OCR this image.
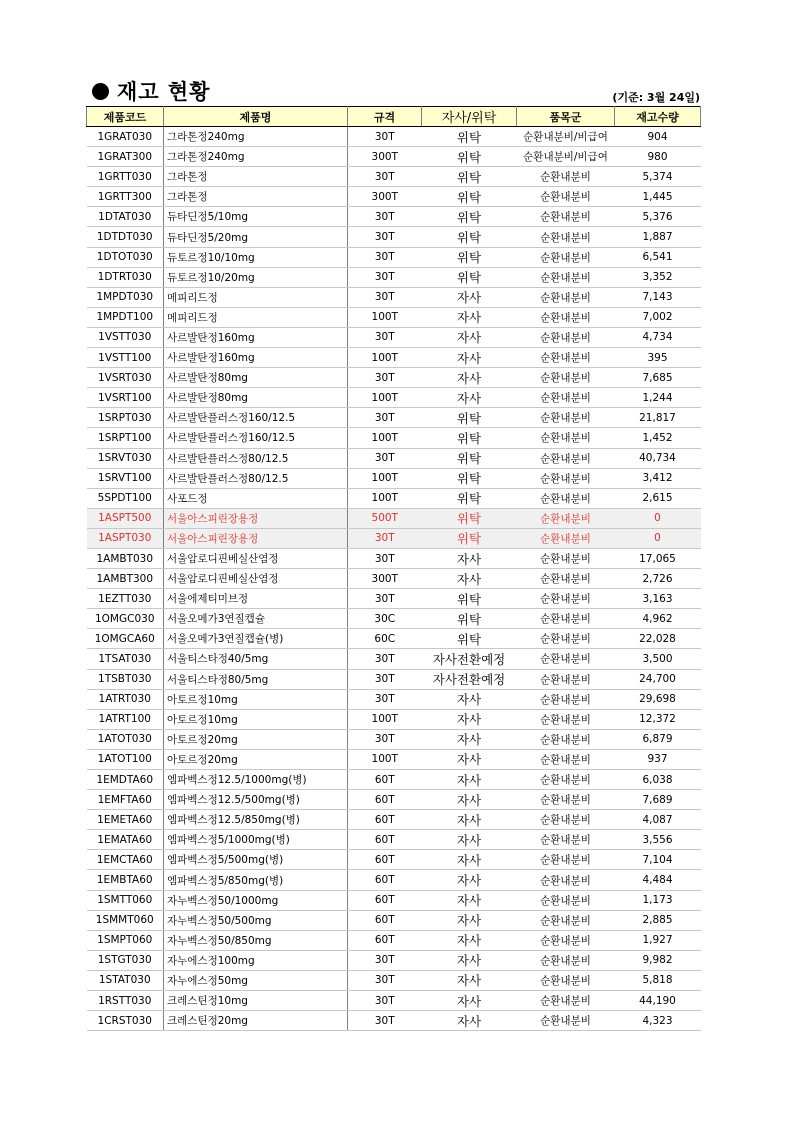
재고 현황	(기준: 3월 24일)
제품코드	제품명	규격	자사/위탁	품목군	재고수량
1GRAT030	그라톤정240mg	30T	위탁	순환내분비/비급여	904
1GRAT300	그라톤정240mg	300T	위탁	순환내분비/비급여	980
1GRTT030	그라톤정	30T	위탁	순환내분비	5,374
1GRTT300	그라톤정	300T	위탁	순환내분비	1,445
1DTAT030	듀타딘정5/10mg	30T	위탁	순환내분비	5,376
1DTDT030	듀타딘정5/20mg	30T	위탁	순환내분비	1,887
1DTOT030	듀토르정10/10mg	30T	위탁	순환내분비	6,541
1DTRT030	듀토르정10/20mg	30T	위탁	순환내분비	3,352
1MPDT030	메피리드정	30T	자사	순환내분비	7,143
1MPDT100	메피리드정	100T	자사	순환내분비	7,002
1VSTT030	사르발탄정160mg	30T	자사	순환내분비	4,734
1VSTT100	사르발탄정160mg	100T	자사	순환내분비	395
1VSRT030	사르발탄정80mg	30T	자사	순환내분비	7,685
1VSRT100	사르발탄정80mg	100T	자사	순환내분비	1,244
1SRPT030	사르발탄플러스정160/12.5	30T	위탁	순환내분비	21,817
1SRPT100	사르발탄플러스정160/12.5	100T	위탁	순환내분비	1,452
1SRVT030	사르발탄플러스정80/12.5	30T	위탁	순환내분비	40,734
1SRVT100	사르발탄플러스정80/12.5	100T	위탁	순환내분비	3,412
5SPDT100	사포드정	100T	위탁	순환내분비	2,615
1ASPT500	서울아스피린장용정	500T	위탁	순환내분비	0
1ASPT030	서울아스피린장용정	30T	위탁	순환내분비	0
1AMBT030	서울암로디핀베실산염정	30T	자사	순환내분비	17,065
1AMBT300	서울암로디핀베실산염정	300T	자사	순환내분비	2,726
1EZTT030	서울에제티미브정	30T	위탁	순환내분비	3,163
1OMGC030	서울오메가3연질캡슐	30C	위탁	순환내분비	4,962
1OMGCA60	서울오메가3연질캡슐(병)	60C	위탁	순환내분비	22,028
1TSAT030	서울티스타정40/5mg	30T	자사전환예정	순환내분비	3,500
1TSBT030	서울티스타정80/5mg	30T	자사전환예정	순환내분비	24,700
1ATRT030	아토르정10mg	30T	자사	순환내분비	29,698
1ATRT100	아토르정10mg	100T	자사	순환내분비	12,372
1ATOT030	아토르정20mg	30T	자사	순환내분비	6,879
1ATOT100	아토르정20mg	100T	자사	순환내분비	937
1EMDTA60	엠파벡스정12.5/1000mg(병)	60T	자사	순환내분비	6,038
1EMFTA60	엠파벡스정12.5/500mg(병)	60T	자사	순환내분비	7,689
1EMETA60	엠파벡스정12.5/850mg(병)	60T	자사	순환내분비	4,087
1EMATA60	엠파벡스정5/1000mg(병)	60T	자사	순환내분비	3,556
1EMCTA60	엠파벡스정5/500mg(병)	60T	자사	순환내분비	7,104
1EMBTA60	엠파벡스정5/850mg(병)	60T	자사	순환내분비	4,484
1SMTT060	자누벡스정50/1000mg	60T	자사	순환내분비	1,173
1SMMT060	자누벡스정50/500mg	60T	자사	순환내분비	2,885
1SMPT060	자누벡스정50/850mg	60T	자사	순환내분비	1,927
1STGT030	자누에스정100mg	30T	자사	순환내분비	9,982
1STAT030	자누에스정50mg	30T	자사	순환내분비	5,818
1RSTT030	크레스틴정10mg	30T	자사	순환내분비	44,190
1CRST030	크레스틴정20mg	30T	자사	순환내분비	4,323
